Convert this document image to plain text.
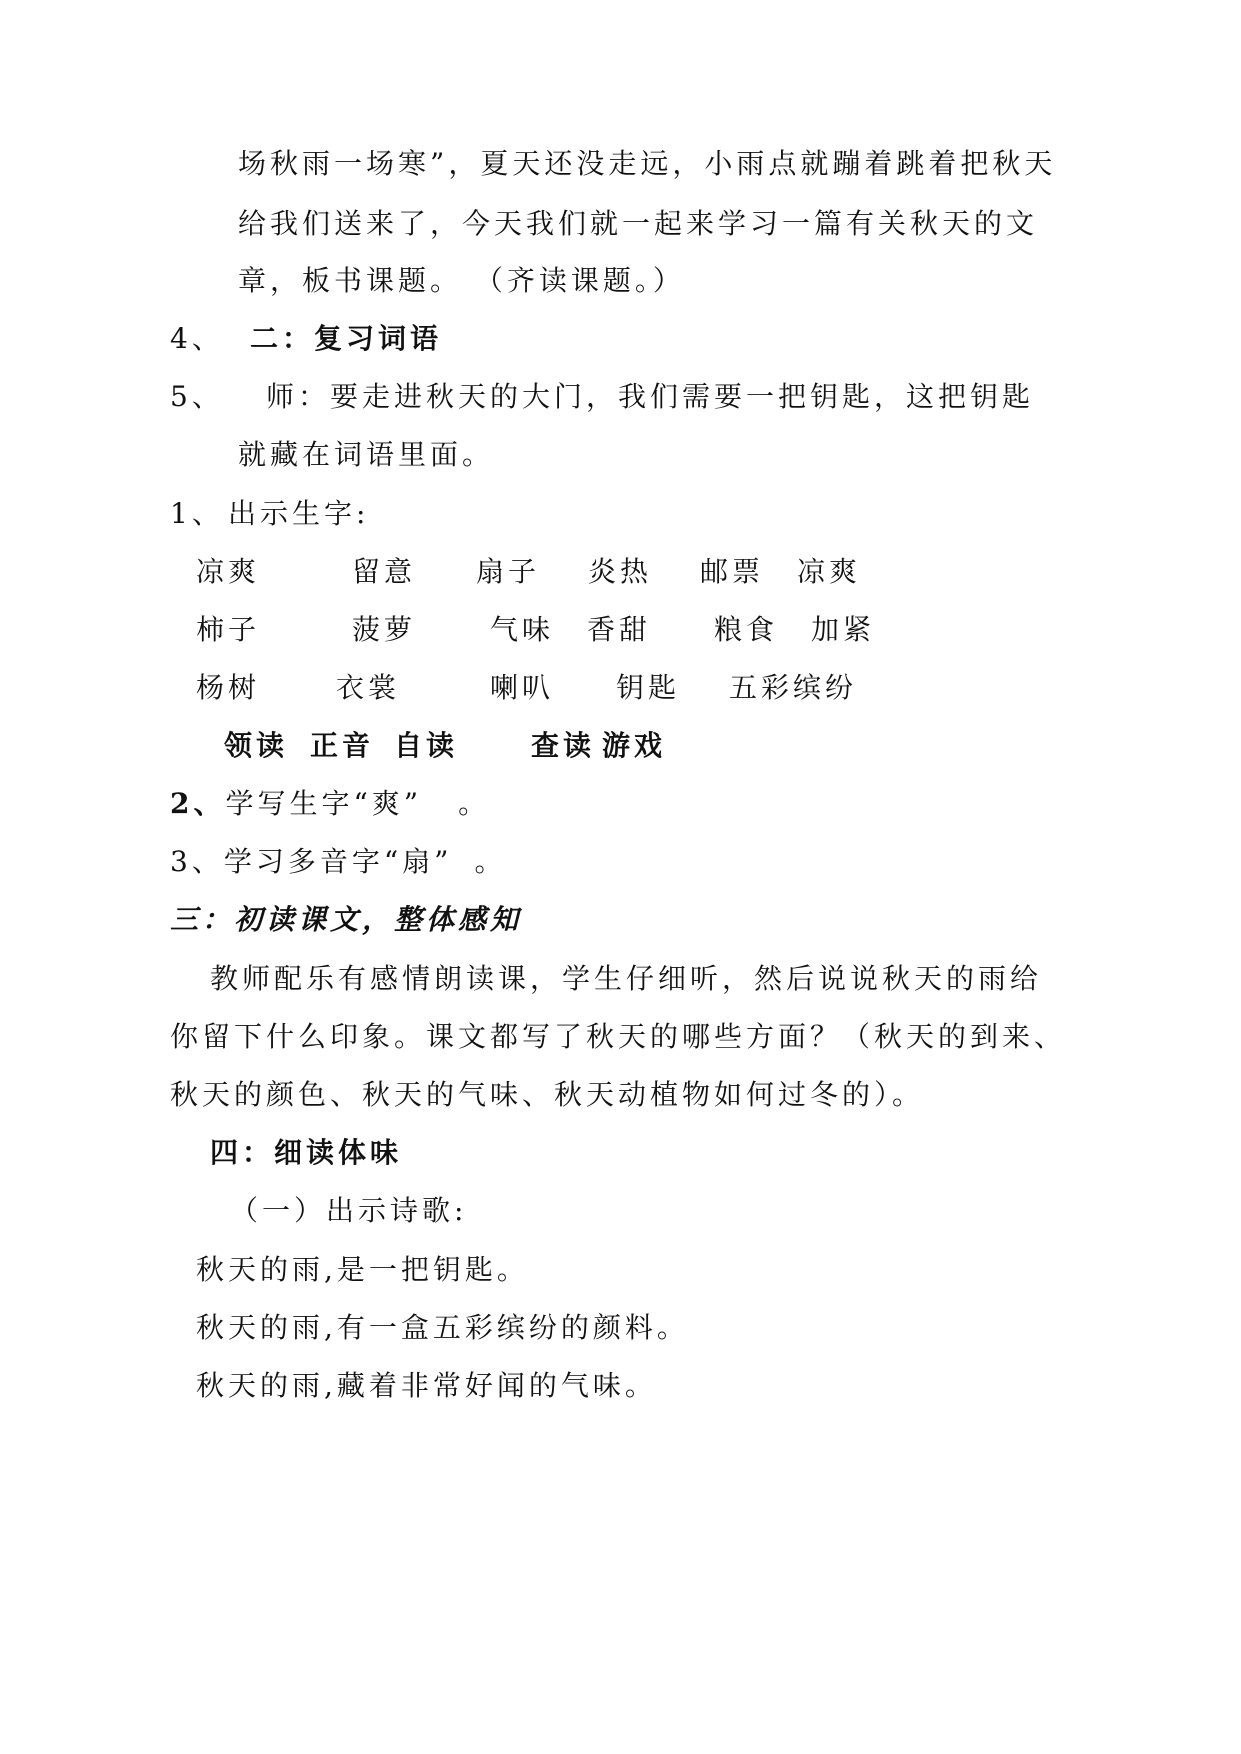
场秋雨一场寒”，夏天还没走远，小雨点就蹦着跳着把秋天
给我们送来了，今天我们就一起来学习一篇有关秋天的文
章，板书课题。 （齐读课题。）
4、 二：复习词语
5、 师：要走进秋天的大门，我们需要一把钥匙，这把钥匙
就藏在词语里面。
1、 出示生字:
凉爽	留意 扇子 炎热 邮票 凉爽
柿子	菠萝	气味 香甜 粮食 加紧
杨树	衣裳	喇叭 钥匙 五彩缤纷
领读 正音 自读	查读 游戏
2、学写生字“爽” 。
3、学习多音字“扇” 。
三：初读课文，整体感知
教师配乐有感情朗读课，学生仔细听，然后说说秋天的雨给
你留下什么印象。课文都写了秋天的哪些方面？（秋天的到来、
秋天的颜色、秋天的气味、秋天动植物如何过冬的）。
四：细读体味
（一）出示诗歌:
秋天的雨,是一把钥匙。
秋天的雨,有一盒五彩缤纷的颜料。
秋天的雨,藏着非常好闻的气味。
